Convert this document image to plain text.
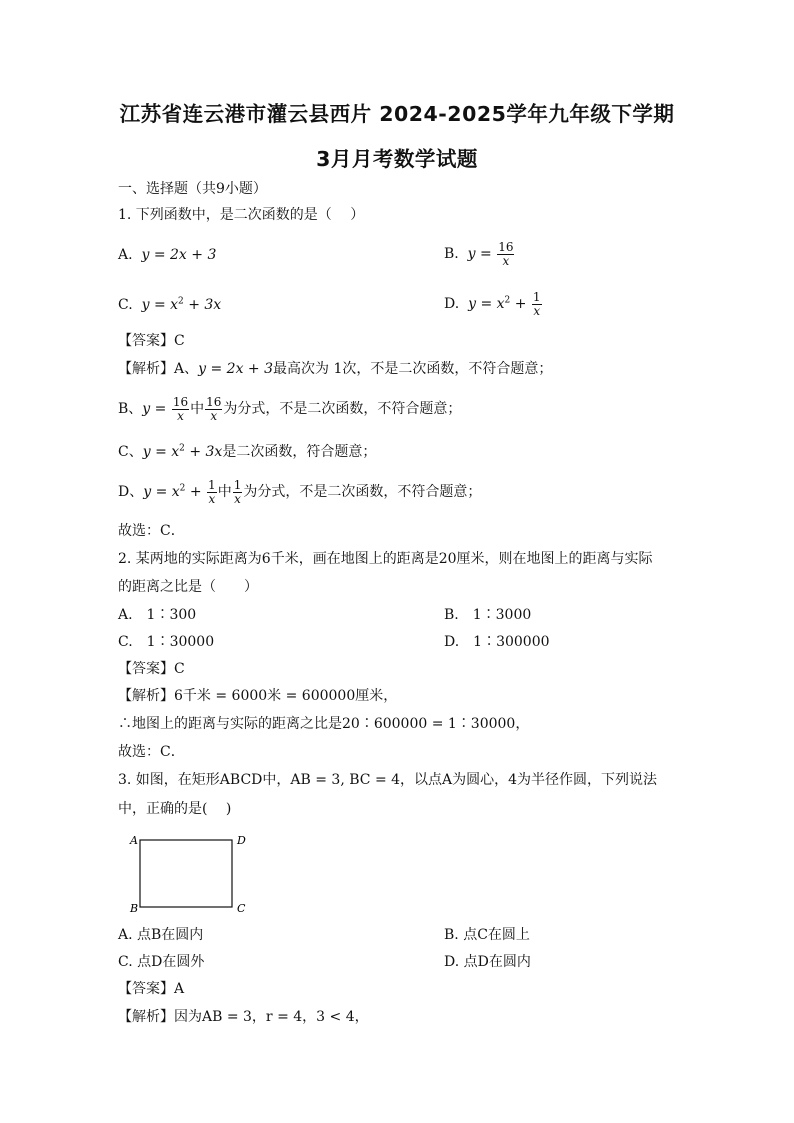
江苏省连云港市灌云县西片 2024-2025学年九年级下学期
3月月考数学试题
一、选择题（共9小题）
1. 下列函数中，是二次函数的是（　 ）
A. y = 2x + 3	B. $y = \frac{16}{x}$
C. $y = x^2 + 3x$	D. $y = x^2 + \frac{1}{x}$
【答案】C
【解析】A、y = 2x + 3最高次为 1次，不是二次函数，不符合题意；
B、$y = \frac{16}{x}$ 中 $\frac{16}{x}$ 为分式，不是二次函数，不符合题意；
C、$y = x^2 + 3x$是二次函数，符合题意；
D、$y = x^2 + \frac{1}{x}$ 中 $\frac{1}{x}$ 为分式，不是二次函数，不符合题意；
故选：C．
2. 某两地的实际距离为6千米，画在地图上的距离是20厘米，则在地图上的距离与实际
的距离之比是（　　）
A.　1∶300	B.　1∶3000
C.　1∶30000	D.　1∶300000
【答案】C
【解析】6千米 = 6000米 = 600000厘米，
∴地图上的距离与实际的距离之比是20∶600000 = 1∶30000，
故选：C．
3. 如图，在矩形ABCD中，AB = 3, BC = 4，以点A为圆心，4为半径作圆，下列说法
中，正确的是(　 )
A	D
B	C
A. 点B在圆内	B. 点C在圆上
C. 点D在圆外	D. 点D在圆内
【答案】A
【解析】因为AB = 3，r = 4，3 < 4，
